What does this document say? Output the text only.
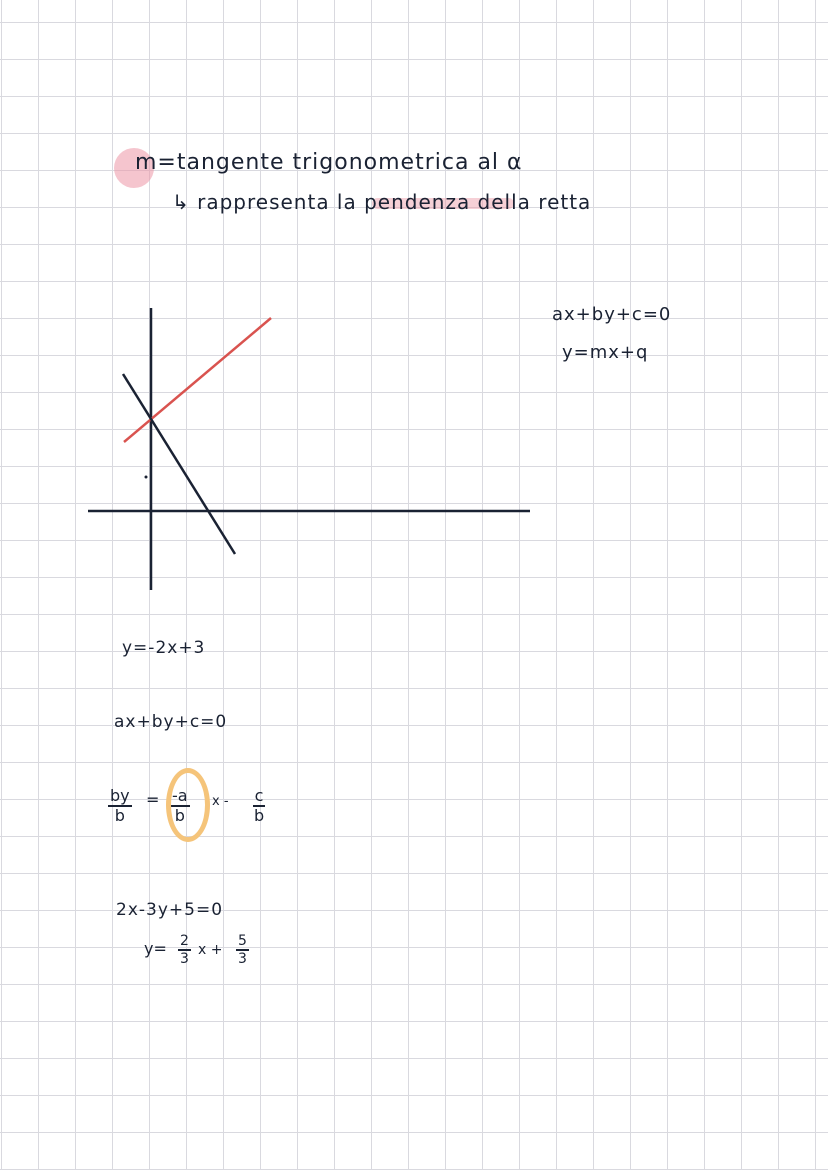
m=tangente trigonometrica al α
↳ rappresenta la pendenza della retta
ax+by+c=0
y=mx+q
y=-2x+3
ax+by+c=0
$\frac{by}{b} = \frac{-a}{b}$ x - $\frac{c}{b}$
2x-3y+5=0
$y= \frac{2}{3}$ $x + \frac{5}{3}$
